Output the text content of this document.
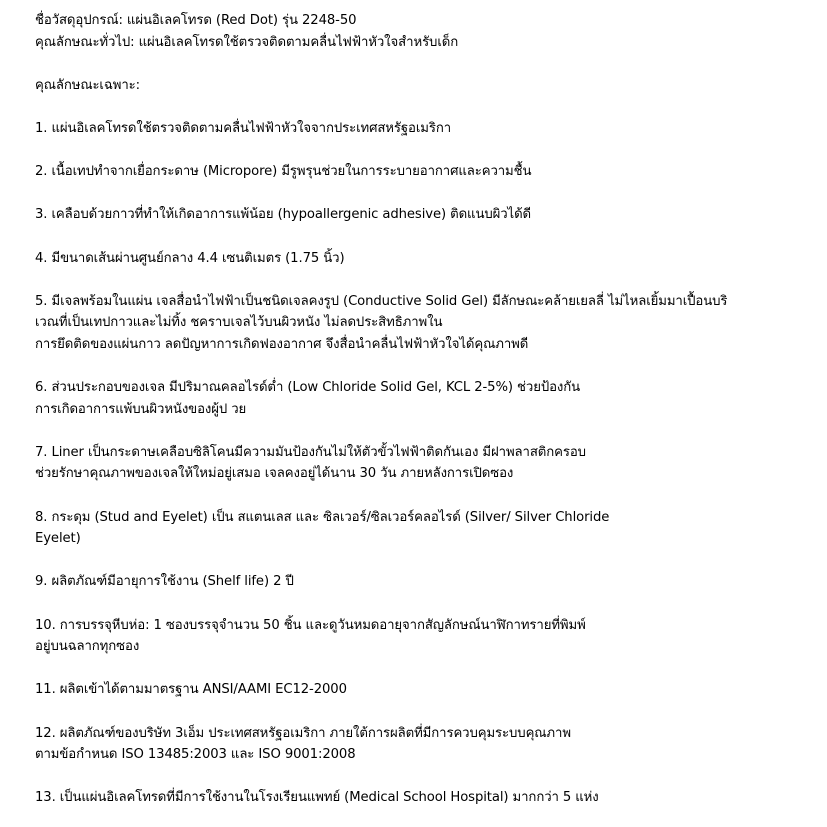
ชื่อวัสดุอุปกรณ์: แผ่นอิเลคโทรด (Red Dot) รุ่น 2248-50
คุณลักษณะทั่วไป: แผ่นอิเลคโทรดใช้ตรวจติดตามคลื่นไฟฟ้าหัวใจสำหรับเด็ก
คุณลักษณะเฉพาะ:
1. แผ่นอิเลคโทรดใช้ตรวจติดตามคลื่นไฟฟ้าหัวใจจากประเทศสหรัฐอเมริกา
2. เนื้อเทปทำจากเยื่อกระดาษ (Micropore) มีรูพรุนช่วยในการระบายอากาศและความชื้น
3. เคลือบด้วยกาวที่ทำให้เกิดอาการแพ้น้อย (hypoallergenic adhesive) ติดแนบผิวได้ดี
4. มีขนาดเส้นผ่านศูนย์กลาง 4.4 เซนติเมตร (1.75 นิ้ว)
5. มีเจลพร้อมในแผ่น เจลสื่อนำไฟฟ้าเป็นชนิดเจลคงรูป (Conductive Solid Gel) มีลักษณะคล้ายเยลลี่ ไม่ไหลเยิ้มมาเปื้อนบริ
เวณที่เป็นเทปกาวและไม่ทิ้ง ชคราบเจลไว้บนผิวหนัง ไม่ลดประสิทธิภาพใน
การยึดติดของแผ่นกาว ลดปัญหาการเกิดฟองอากาศ จึงสื่อนำคลื่นไฟฟ้าหัวใจได้คุณภาพดี
6. ส่วนประกอบของเจล มีปริมาณคลอไรด์ต่ำ (Low Chloride Solid Gel, KCL 2-5%) ช่วยป้องกัน
การเกิดอาการแพ้บนผิวหนังของผู้ป วย
7. Liner เป็นกระดาษเคลือบซิลิโคนมีความมันป้องกันไม่ให้ตัวขั้วไฟฟ้าติดกันเอง มีฝาพลาสติกครอบ
ช่วยรักษาคุณภาพของเจลให้ใหม่อยู่เสมอ เจลคงอยู่ได้นาน 30 วัน ภายหลังการเปิดซอง
8. กระดุม (Stud and Eyelet) เป็น สแตนเลส และ ซิลเวอร์/ซิลเวอร์คลอไรด์ (Silver/ Silver Chloride
Eyelet)
9. ผลิตภัณฑ์มีอายุการใช้งาน (Shelf life) 2 ปี
10. การบรรจุหีบห่อ: 1 ซองบรรจุจำนวน 50 ชิ้น และดูวันหมดอายุจากสัญลักษณ์นาฬิกาทรายที่พิมพ์
อยู่บนฉลากทุกซอง
11. ผลิตเข้าได้ตามมาตรฐาน ANSI/AAMI EC12-2000
12. ผลิตภัณฑ์ของบริษัท 3เอ็ม ประเทศสหรัฐอเมริกา ภายใต้การผลิตที่มีการควบคุมระบบคุณภาพ
ตามข้อกำหนด ISO 13485:2003 และ ISO 9001:2008
13. เป็นแผ่นอิเลคโทรดที่มีการใช้งานในโรงเรียนแพทย์ (Medical School Hospital) มากกว่า 5 แห่ง
